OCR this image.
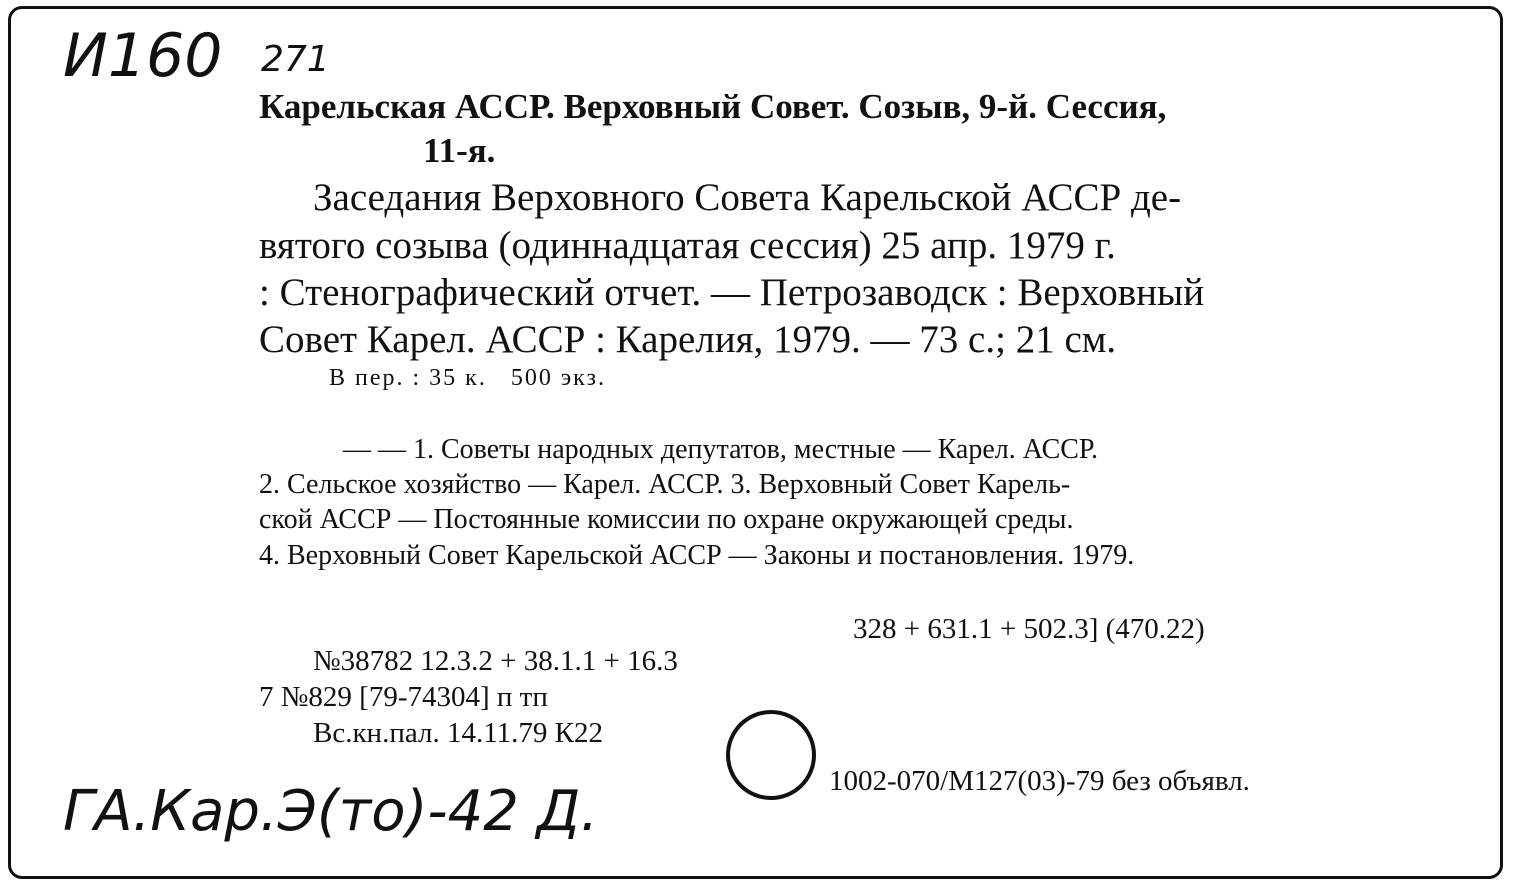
И160 271
Карельская АССР. Верховный Совет. Созыв, 9-й. Сессия,
11-я.
Заседания Верховного Совета Карельской АССР де-
вятого созыва (одиннадцатая сессия) 25 апр. 1979 г.
: Стенографический отчет. — Петрозаводск : Верховный
Совет Карел. АССР : Карелия, 1979. — 73 с.; 21 см.
В пер. : 35 к.   500 экз.
— — 1. Советы народных депутатов, местные — Карел. АССР.
2. Сельское хозяйство — Карел. АССР. 3. Верховный Совет Карель-
ской АССР — Постоянные комиссии по охране окружающей среды.
4. Верховный Совет Карельской АССР — Законы и постановления. 1979.
328 + 631.1 + 502.3] (470.22)
№38782 12.3.2 + 38.1.1 + 16.3
7 №829 [79-74304] п тп
Вс.кн.пал. 14.11.79 К22
1002-070/М127(03)-79 без объявл.
ГА.Кар.Э(то)-42 Д.
